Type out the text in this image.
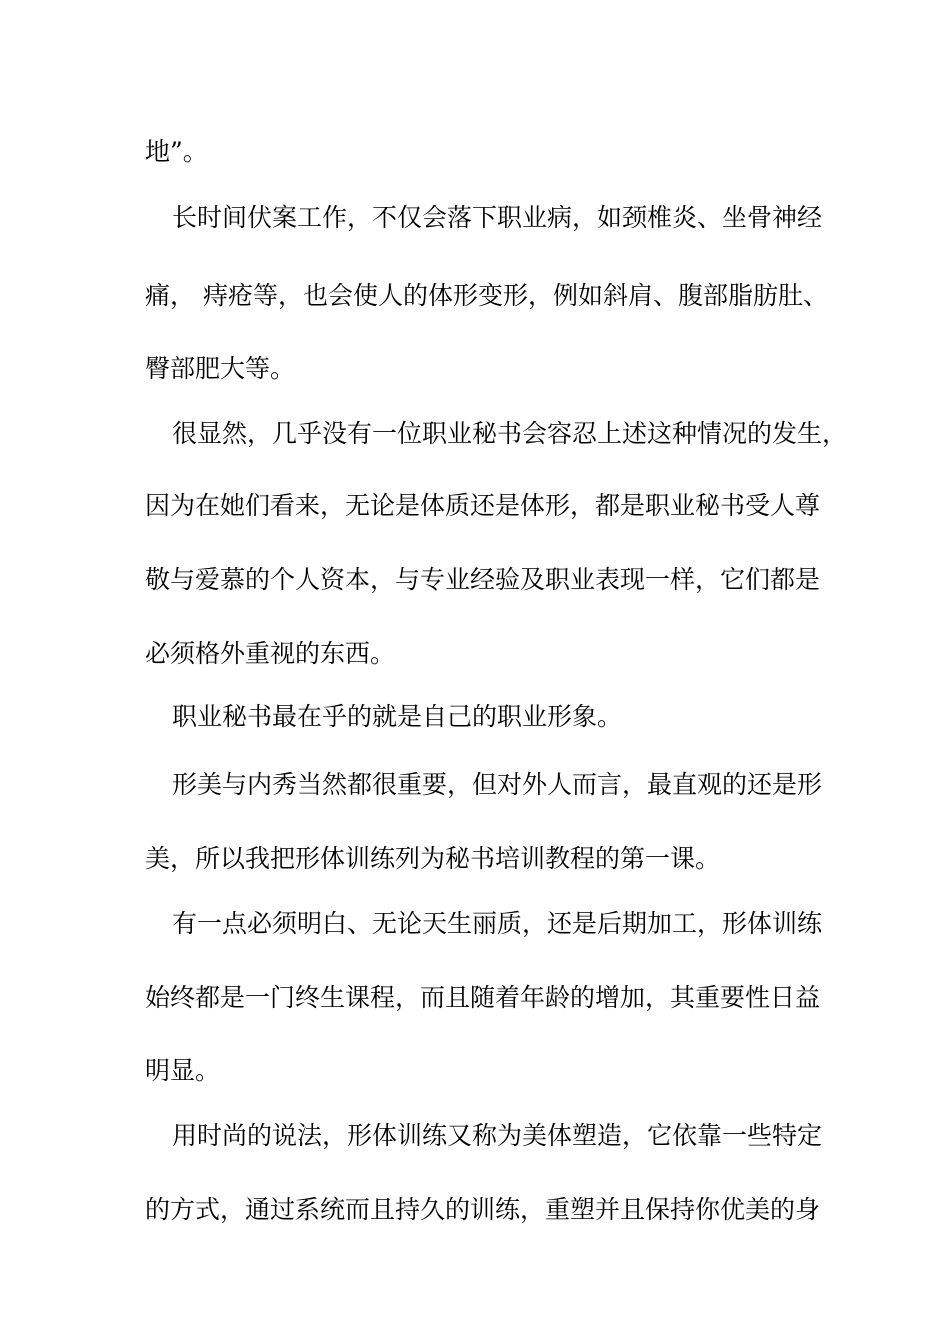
地”。

长时间伏案工作，不仅会落下职业病，如颈椎炎、坐骨神经

痛， 痔疮等，也会使人的体形变形，例如斜肩、腹部脂肪肚、

臀部肥大等。

很显然，几乎没有一位职业秘书会容忍上述这种情况的发生，

因为在她们看来，无论是体质还是体形，都是职业秘书受人尊

敬与爱慕的个人资本，与专业经验及职业表现一样，它们都是

必须格外重视的东西。

职业秘书最在乎的就是自己的职业形象。

形美与内秀当然都很重要，但对外人而言，最直观的还是形

美，所以我把形体训练列为秘书培训教程的第一课。

有一点必须明白、无论天生丽质，还是后期加工，形体训练

始终都是一门终生课程，而且随着年龄的增加，其重要性日益

明显。

用时尚的说法，形体训练又称为美体塑造，它依靠一些特定

的方式，通过系统而且持久的训练，重塑并且保持你优美的身
